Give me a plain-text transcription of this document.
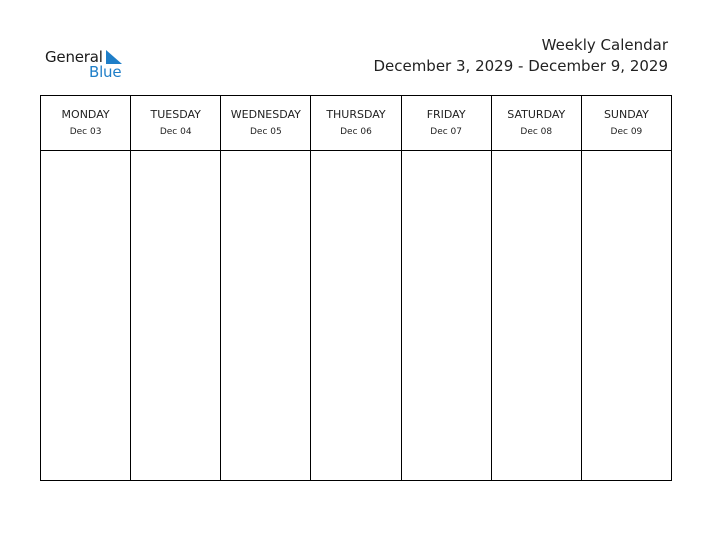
General
Blue
Weekly Calendar
December 3, 2029 - December 9, 2029
MONDAY
Dec 03
TUESDAY
Dec 04
WEDNESDAY
Dec 05
THURSDAY
Dec 06
FRIDAY
Dec 07
SATURDAY
Dec 08
SUNDAY
Dec 09
